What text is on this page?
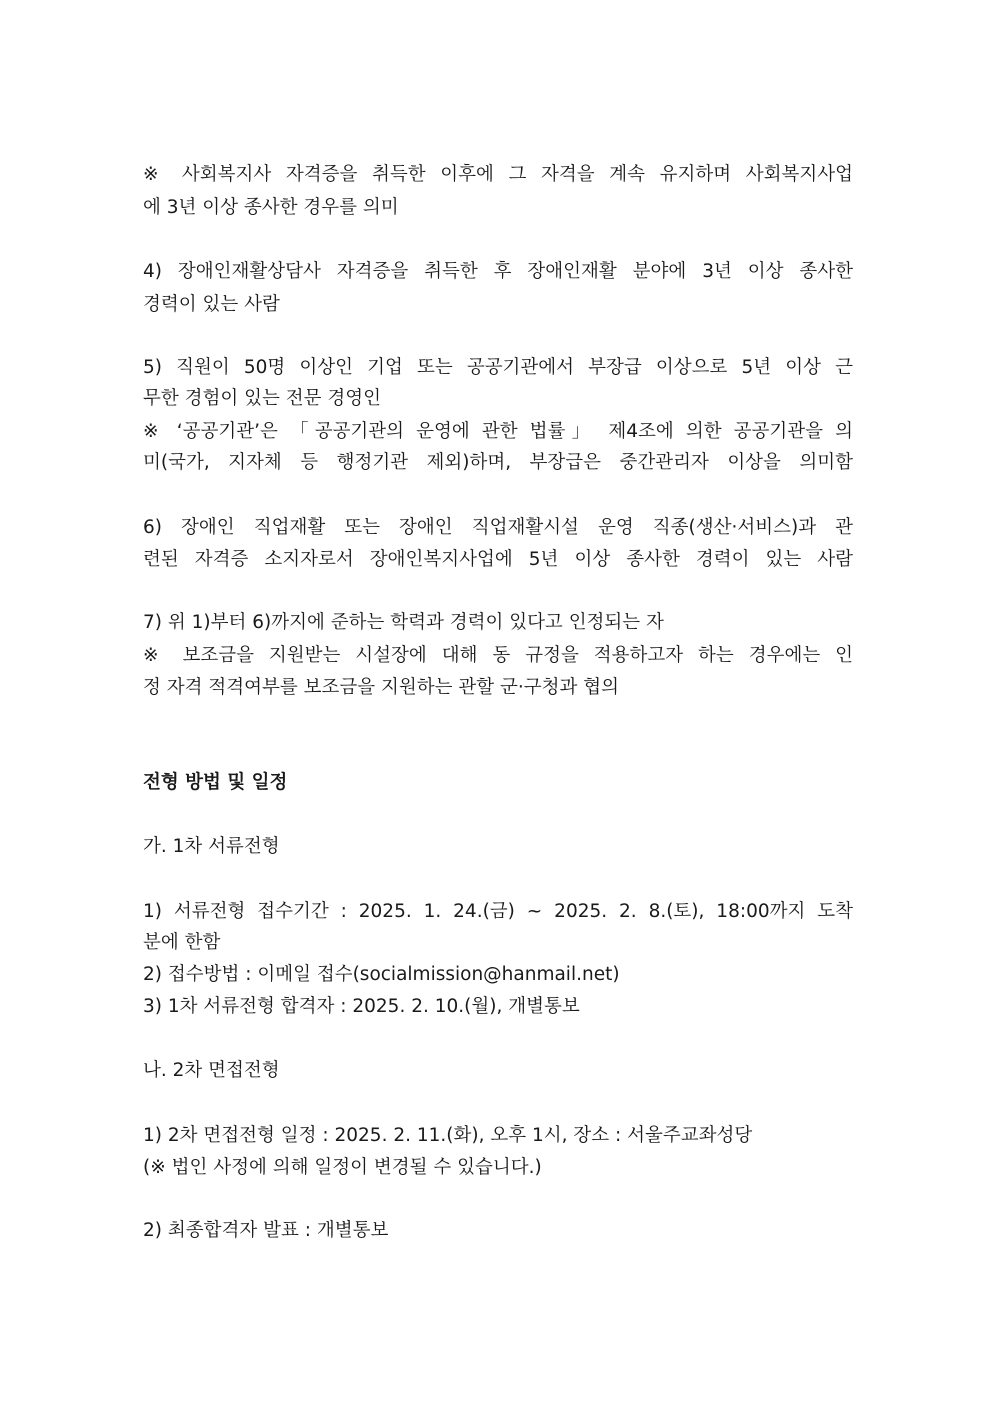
※ 사회복지사 자격증을 취득한 이후에 그 자격을 계속 유지하며 사회복지사업
에 3년 이상 종사한 경우를 의미
4) 장애인재활상담사 자격증을 취득한 후 장애인재활 분야에 3년 이상 종사한
경력이 있는 사람
5) 직원이 50명 이상인 기업 또는 공공기관에서 부장급 이상으로 5년 이상 근
무한 경험이 있는 전문 경영인
※ ‘공공기관’은 「공공기관의 운영에 관한 법률」 제4조에 의한 공공기관을 의
미(국가, 지자체 등 행정기관 제외)하며, 부장급은 중간관리자 이상을 의미함
6) 장애인 직업재활 또는 장애인 직업재활시설 운영 직종(생산·서비스)과 관
련된 자격증 소지자로서 장애인복지사업에 5년 이상 종사한 경력이 있는 사람
7) 위 1)부터 6)까지에 준하는 학력과 경력이 있다고 인정되는 자
※ 보조금을 지원받는 시설장에 대해 동 규정을 적용하고자 하는 경우에는 인
정 자격 적격여부를 보조금을 지원하는 관할 군·구청과 협의
전형 방법 및 일정
가. 1차 서류전형
1) 서류전형 접수기간 : 2025. 1. 24.(금) ~ 2025. 2. 8.(토), 18:00까지 도착
분에 한함
2) 접수방법 : 이메일 접수(socialmission@hanmail.net)
3) 1차 서류전형 합격자 : 2025. 2. 10.(월), 개별통보
나. 2차 면접전형
1) 2차 면접전형 일정 : 2025. 2. 11.(화), 오후 1시, 장소 : 서울주교좌성당
(※ 법인 사정에 의해 일정이 변경될 수 있습니다.)
2) 최종합격자 발표 : 개별통보
